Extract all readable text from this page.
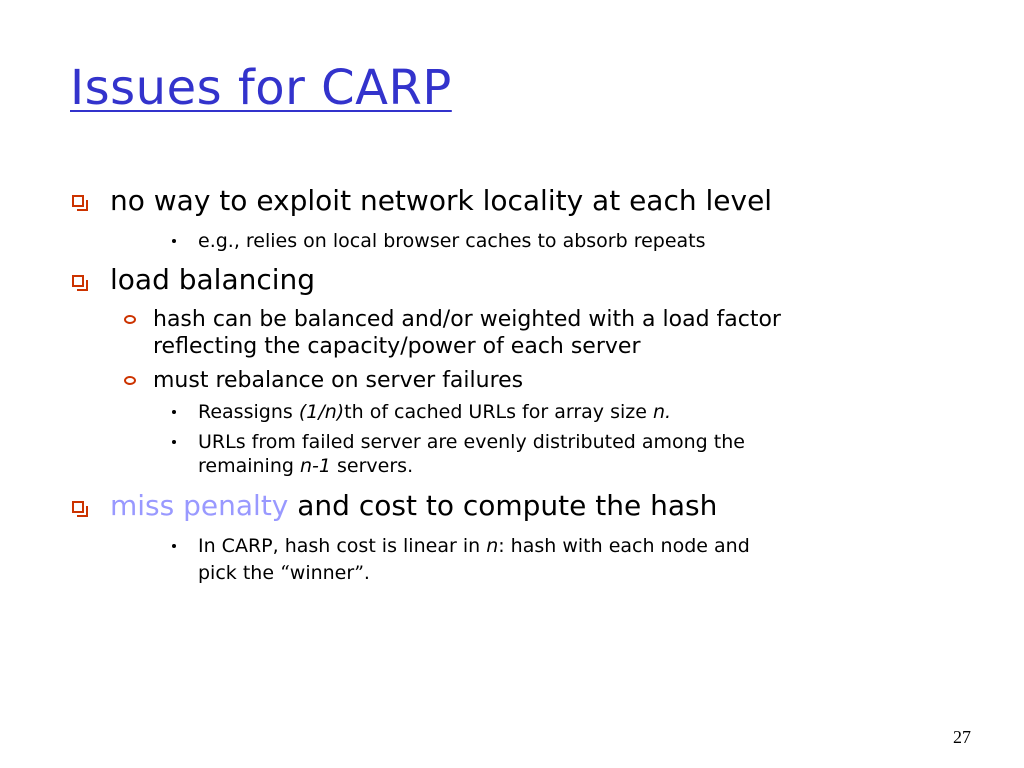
Issues for CARP
no way to exploit network locality at each level
e.g., relies on local browser caches to absorb repeats
load balancing
hash can be balanced and/or weighted with a load factor
reflecting the capacity/power of each server
must rebalance on server failures
Reassigns (1/n)th of cached URLs for array size n.
URLs from failed server are evenly distributed among the
remaining n-1 servers.
miss penalty and cost to compute the hash
In CARP, hash cost is linear in n: hash with each node and
pick the “winner”.
27
